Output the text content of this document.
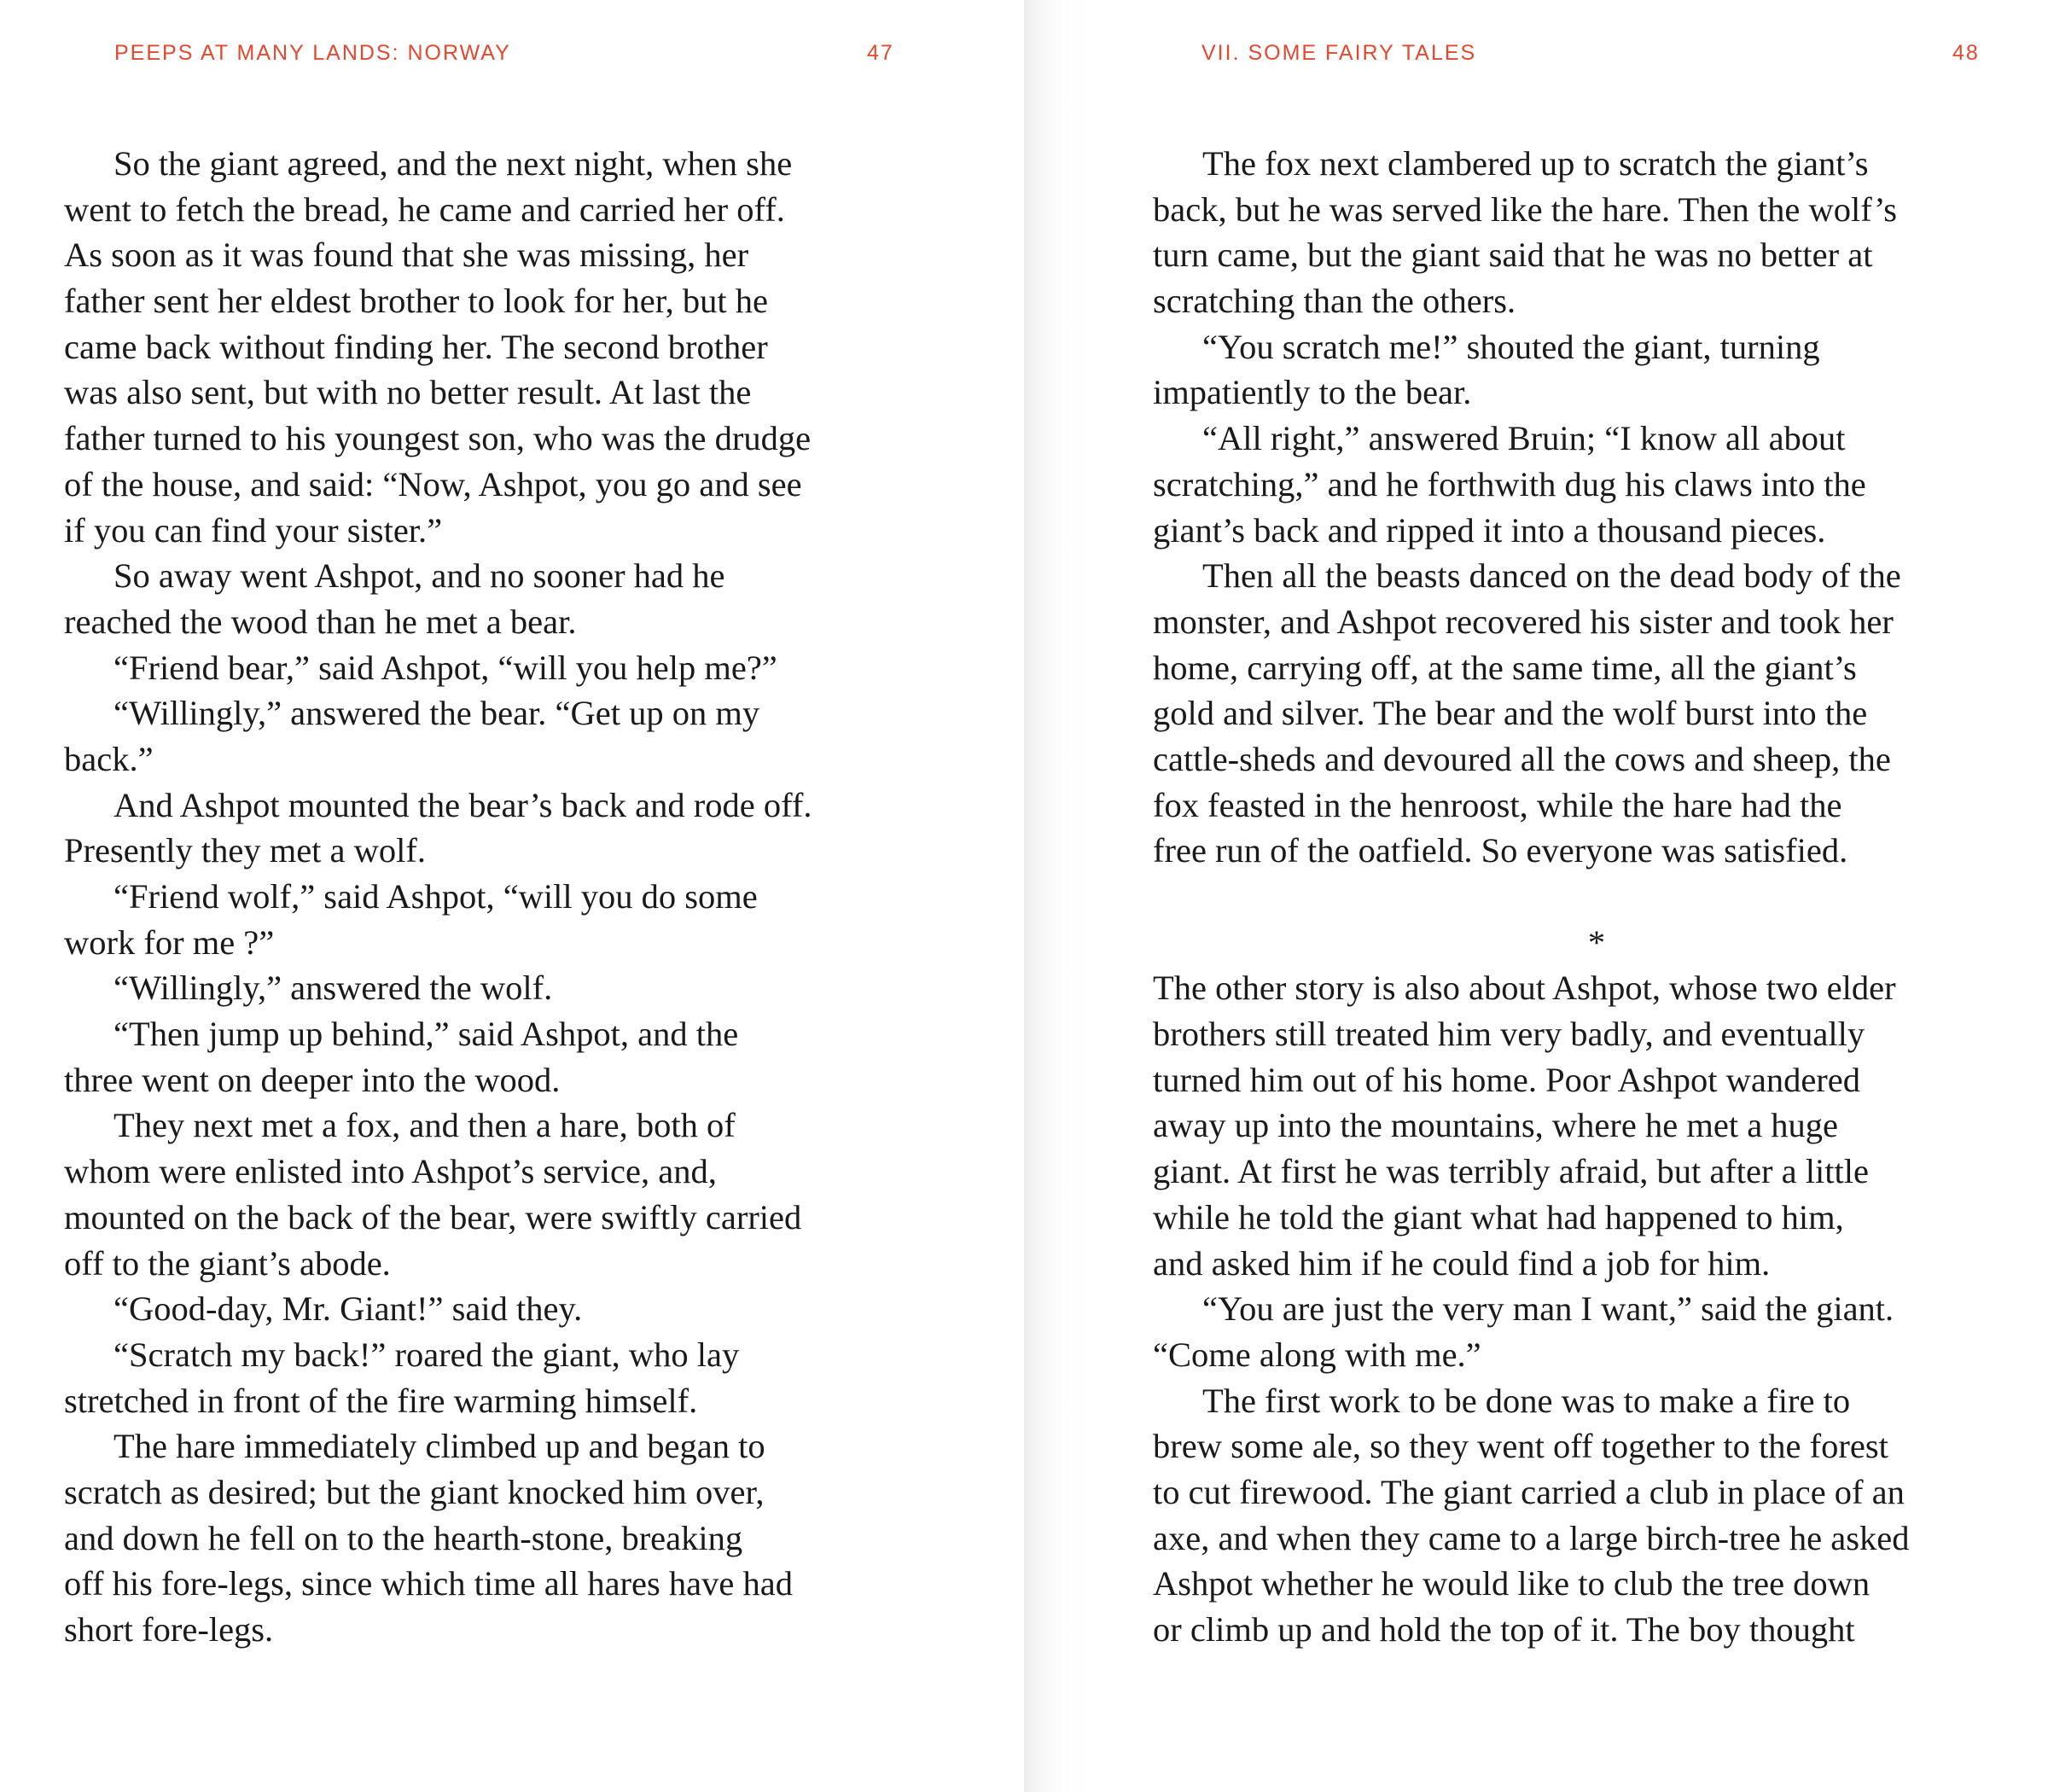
PEEPS AT MANY LANDS: NORWAY	47
So the giant agreed, and the next night, when she
went to fetch the bread, he came and carried her off.
As soon as it was found that she was missing, her
father sent her eldest brother to look for her, but he
came back without finding her. The second brother
was also sent, but with no better result. At last the
father turned to his youngest son, who was the drudge
of the house, and said: “Now, Ashpot, you go and see
if you can find your sister.”
So away went Ashpot, and no sooner had he
reached the wood than he met a bear.
“Friend bear,” said Ashpot, “will you help me?”
“Willingly,” answered the bear. “Get up on my
back.”
And Ashpot mounted the bear’s back and rode off.
Presently they met a wolf.
“Friend wolf,” said Ashpot, “will you do some
work for me ?”
“Willingly,” answered the wolf.
“Then jump up behind,” said Ashpot, and the
three went on deeper into the wood.
They next met a fox, and then a hare, both of
whom were enlisted into Ashpot’s service, and,
mounted on the back of the bear, were swiftly carried
off to the giant’s abode.
“Good-day, Mr. Giant!” said they.
“Scratch my back!” roared the giant, who lay
stretched in front of the fire warming himself.
The hare immediately climbed up and began to
scratch as desired; but the giant knocked him over,
and down he fell on to the hearth-stone, breaking
off his fore-legs, since which time all hares have had
short fore-legs.
VII. SOME FAIRY TALES	48
The fox next clambered up to scratch the giant’s
back, but he was served like the hare. Then the wolf’s
turn came, but the giant said that he was no better at
scratching than the others.
“You scratch me!” shouted the giant, turning
impatiently to the bear.
“All right,” answered Bruin; “I know all about
scratching,” and he forthwith dug his claws into the
giant’s back and ripped it into a thousand pieces.
Then all the beasts danced on the dead body of the
monster, and Ashpot recovered his sister and took her
home, carrying off, at the same time, all the giant’s
gold and silver. The bear and the wolf burst into the
cattle-sheds and devoured all the cows and sheep, the
fox feasted in the henroost, while the hare had the
free run of the oatfield. So everyone was satisfied.
*
The other story is also about Ashpot, whose two elder
brothers still treated him very badly, and eventually
turned him out of his home. Poor Ashpot wandered
away up into the mountains, where he met a huge
giant. At first he was terribly afraid, but after a little
while he told the giant what had happened to him,
and asked him if he could find a job for him.
“You are just the very man I want,” said the giant.
“Come along with me.”
The first work to be done was to make a fire to
brew some ale, so they went off together to the forest
to cut firewood. The giant carried a club in place of an
axe, and when they came to a large birch-tree he asked
Ashpot whether he would like to club the tree down
or climb up and hold the top of it. The boy thought
